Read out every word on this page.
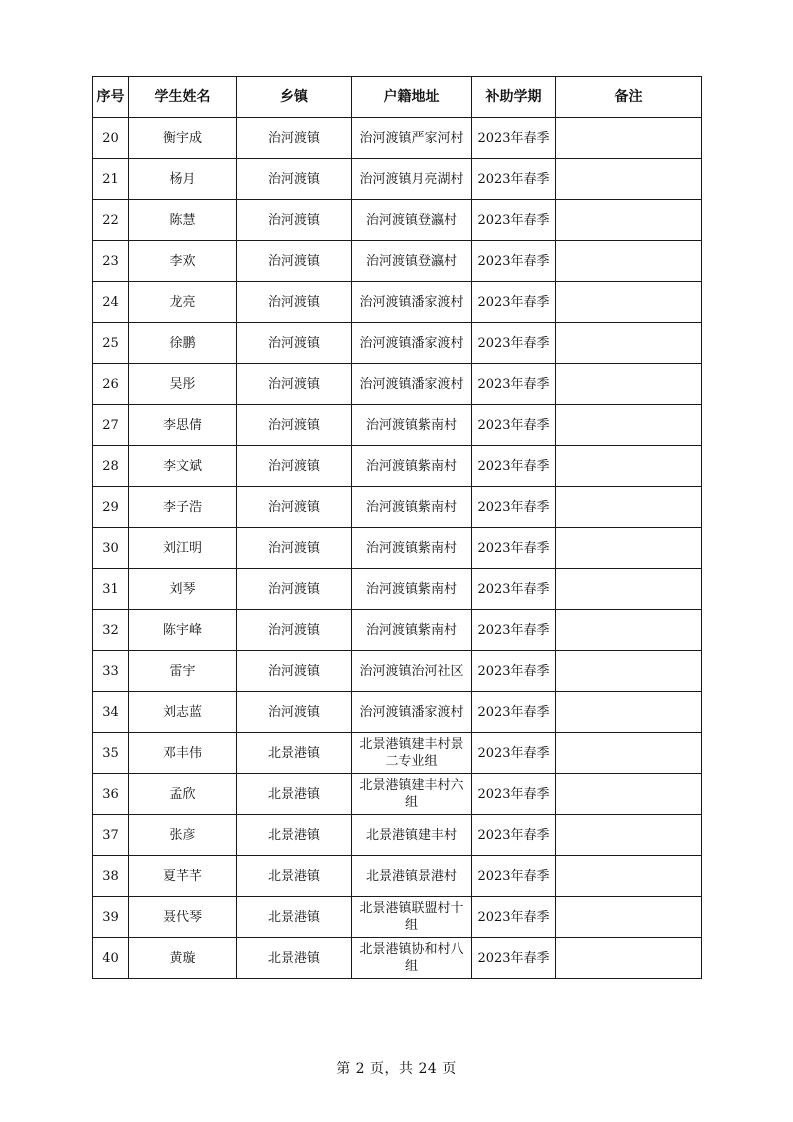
序号	学生姓名	乡镇	户籍地址	补助学期	备注
20	衡宇成	治河渡镇	治河渡镇严家河村	2023年春季	
21	杨月	治河渡镇	治河渡镇月亮湖村	2023年春季	
22	陈慧	治河渡镇	治河渡镇登瀛村	2023年春季	
23	李欢	治河渡镇	治河渡镇登瀛村	2023年春季	
24	龙亮	治河渡镇	治河渡镇潘家渡村	2023年春季	
25	徐鹏	治河渡镇	治河渡镇潘家渡村	2023年春季	
26	吴彤	治河渡镇	治河渡镇潘家渡村	2023年春季	
27	李思倩	治河渡镇	治河渡镇紫南村	2023年春季	
28	李文斌	治河渡镇	治河渡镇紫南村	2023年春季	
29	李子浩	治河渡镇	治河渡镇紫南村	2023年春季	
30	刘江明	治河渡镇	治河渡镇紫南村	2023年春季	
31	刘琴	治河渡镇	治河渡镇紫南村	2023年春季	
32	陈宇峰	治河渡镇	治河渡镇紫南村	2023年春季	
33	雷宇	治河渡镇	治河渡镇治河社区	2023年春季	
34	刘志蓝	治河渡镇	治河渡镇潘家渡村	2023年春季	
35	邓丰伟	北景港镇	北景港镇建丰村景二专业组	2023年春季	
36	孟欣	北景港镇	北景港镇建丰村六组	2023年春季	
37	张彦	北景港镇	北景港镇建丰村	2023年春季	
38	夏芊芊	北景港镇	北景港镇景港村	2023年春季	
39	聂代琴	北景港镇	北景港镇联盟村十组	2023年春季	
40	黄璇	北景港镇	北景港镇协和村八组	2023年春季	
第 2 页，共 24 页
